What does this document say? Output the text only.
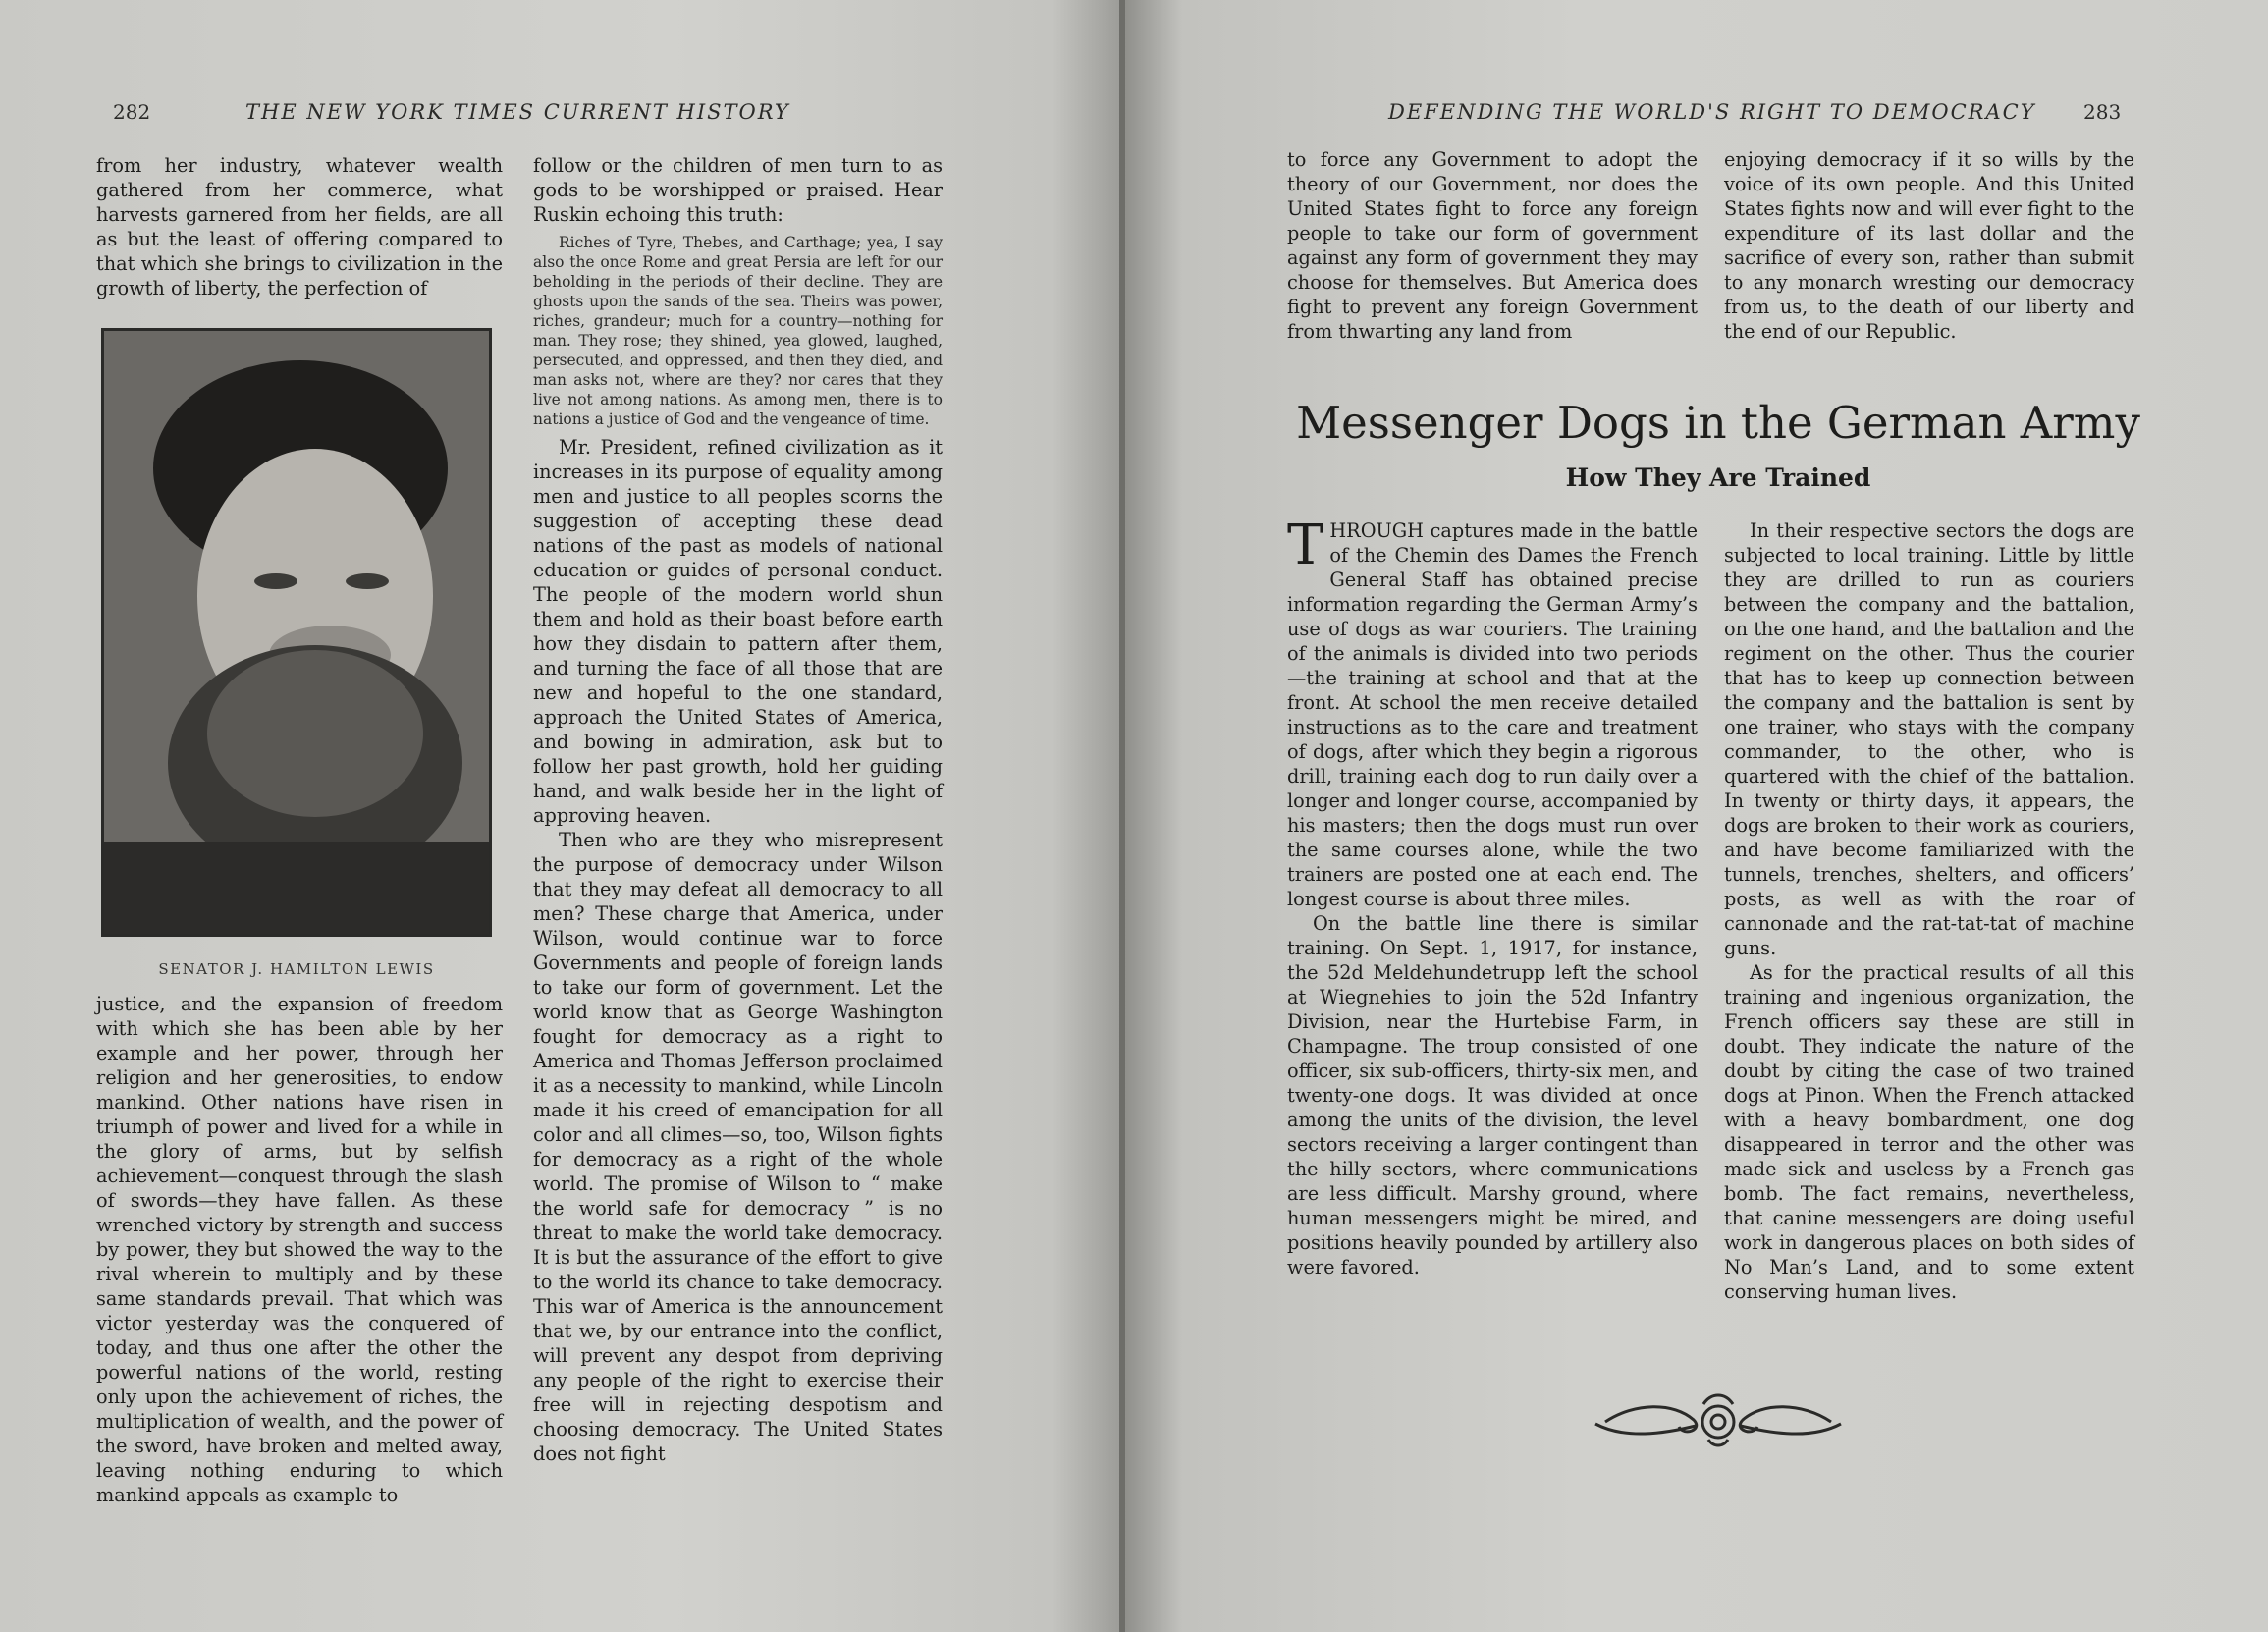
282	THE NEW YORK TIMES CURRENT HISTORY

from her industry, whatever wealth gathered from her commerce, what harvests garnered from her fields, are all as but the least of offering compared to that which she brings to civilization in the growth of liberty, the perfection of

SENATOR J. HAMILTON LEWIS

justice, and the expansion of freedom with which she has been able by her example and her power, through her religion and her generosities, to endow mankind. Other nations have risen in triumph of power and lived for a while in the glory of arms, but by selfish achievement—conquest through the slash of swords—they have fallen. As these wrenched victory by strength and success by power, they but showed the way to the rival wherein to multiply and by these same standards prevail. That which was victor yesterday was the conquered of today, and thus one after the other the powerful nations of the world, resting only upon the achievement of riches, the multiplication of wealth, and the power of the sword, have broken and melted away, leaving nothing enduring to which mankind appeals as example to

follow or the children of men turn to as gods to be worshipped or praised. Hear Ruskin echoing this truth:

Riches of Tyre, Thebes, and Carthage; yea, I say also the once Rome and great Persia are left for our beholding in the periods of their decline. They are ghosts upon the sands of the sea. Theirs was power, riches, grandeur; much for a country—nothing for man. They rose; they shined, yea glowed, laughed, persecuted, and oppressed, and then they died, and man asks not, where are they? nor cares that they live not among nations. As among men, there is to nations a justice of God and the vengeance of time.

Mr. President, refined civilization as it increases in its purpose of equality among men and justice to all peoples scorns the suggestion of accepting these dead nations of the past as models of national education or guides of personal conduct. The people of the modern world shun them and hold as their boast before earth how they disdain to pattern after them, and turning the face of all those that are new and hopeful to the one standard, approach the United States of America, and bowing in admiration, ask but to follow her past growth, hold her guiding hand, and walk beside her in the light of approving heaven.

Then who are they who misrepresent the purpose of democracy under Wilson that they may defeat all democracy to all men? These charge that America, under Wilson, would continue war to force Governments and people of foreign lands to take our form of government. Let the world know that as George Washington fought for democracy as a right to America and Thomas Jefferson proclaimed it as a necessity to mankind, while Lincoln made it his creed of emancipation for all color and all climes—so, too, Wilson fights for democracy as a right of the whole world. The promise of Wilson to “ make the world safe for democracy ” is no threat to make the world take democracy. It is but the assurance of the effort to give to the world its chance to take democracy. This war of America is the announcement that we, by our entrance into the conflict, will prevent any despot from depriving any people of the right to exercise their free will in rejecting despotism and choosing democracy. The United States does not fight

DEFENDING THE WORLD'S RIGHT TO DEMOCRACY 283

to force any Government to adopt the theory of our Government, nor does the United States fight to force any foreign people to take our form of government against any form of government they may choose for themselves. But America does fight to prevent any foreign Government from thwarting any land from

enjoying democracy if it so wills by the voice of its own people. And this United States fights now and will ever fight to the expenditure of its last dollar and the sacrifice of every son, rather than submit to any monarch wresting our democracy from us, to the death of our liberty and the end of our Republic.

Messenger Dogs in the German Army
How They Are Trained

THROUGH captures made in the battle of the Chemin des Dames the French General Staff has obtained precise information regarding the German Army’s use of dogs as war couriers. The training of the animals is divided into two periods—the training at school and that at the front. At school the men receive detailed instructions as to the care and treatment of dogs, after which they begin a rigorous drill, training each dog to run daily over a longer and longer course, accompanied by his masters; then the dogs must run over the same courses alone, while the two trainers are posted one at each end. The longest course is about three miles.

On the battle line there is similar training. On Sept. 1, 1917, for instance, the 52d Meldehundetrupp left the school at Wiegnehies to join the 52d Infantry Division, near the Hurtebise Farm, in Champagne. The troup consisted of one officer, six sub-officers, thirty-six men, and twenty-one dogs. It was divided at once among the units of the division, the level sectors receiving a larger contingent than the hilly sectors, where communications are less difficult. Marshy ground, where human messengers might be mired, and positions heavily pounded by artillery also were favored.

In their respective sectors the dogs are subjected to local training. Little by little they are drilled to run as couriers between the company and the battalion, on the one hand, and the battalion and the regiment on the other. Thus the courier that has to keep up connection between the company and the battalion is sent by one trainer, who stays with the company commander, to the other, who is quartered with the chief of the battalion. In twenty or thirty days, it appears, the dogs are broken to their work as couriers, and have become familiarized with the tunnels, trenches, shelters, and officers’ posts, as well as with the roar of cannonade and the rat-tat-tat of machine guns.

As for the practical results of all this training and ingenious organization, the French officers say these are still in doubt. They indicate the nature of the doubt by citing the case of two trained dogs at Pinon. When the French attacked with a heavy bombardment, one dog disappeared in terror and the other was made sick and useless by a French gas bomb. The fact remains, nevertheless, that canine messengers are doing useful work in dangerous places on both sides of No Man’s Land, and to some extent conserving human lives.
